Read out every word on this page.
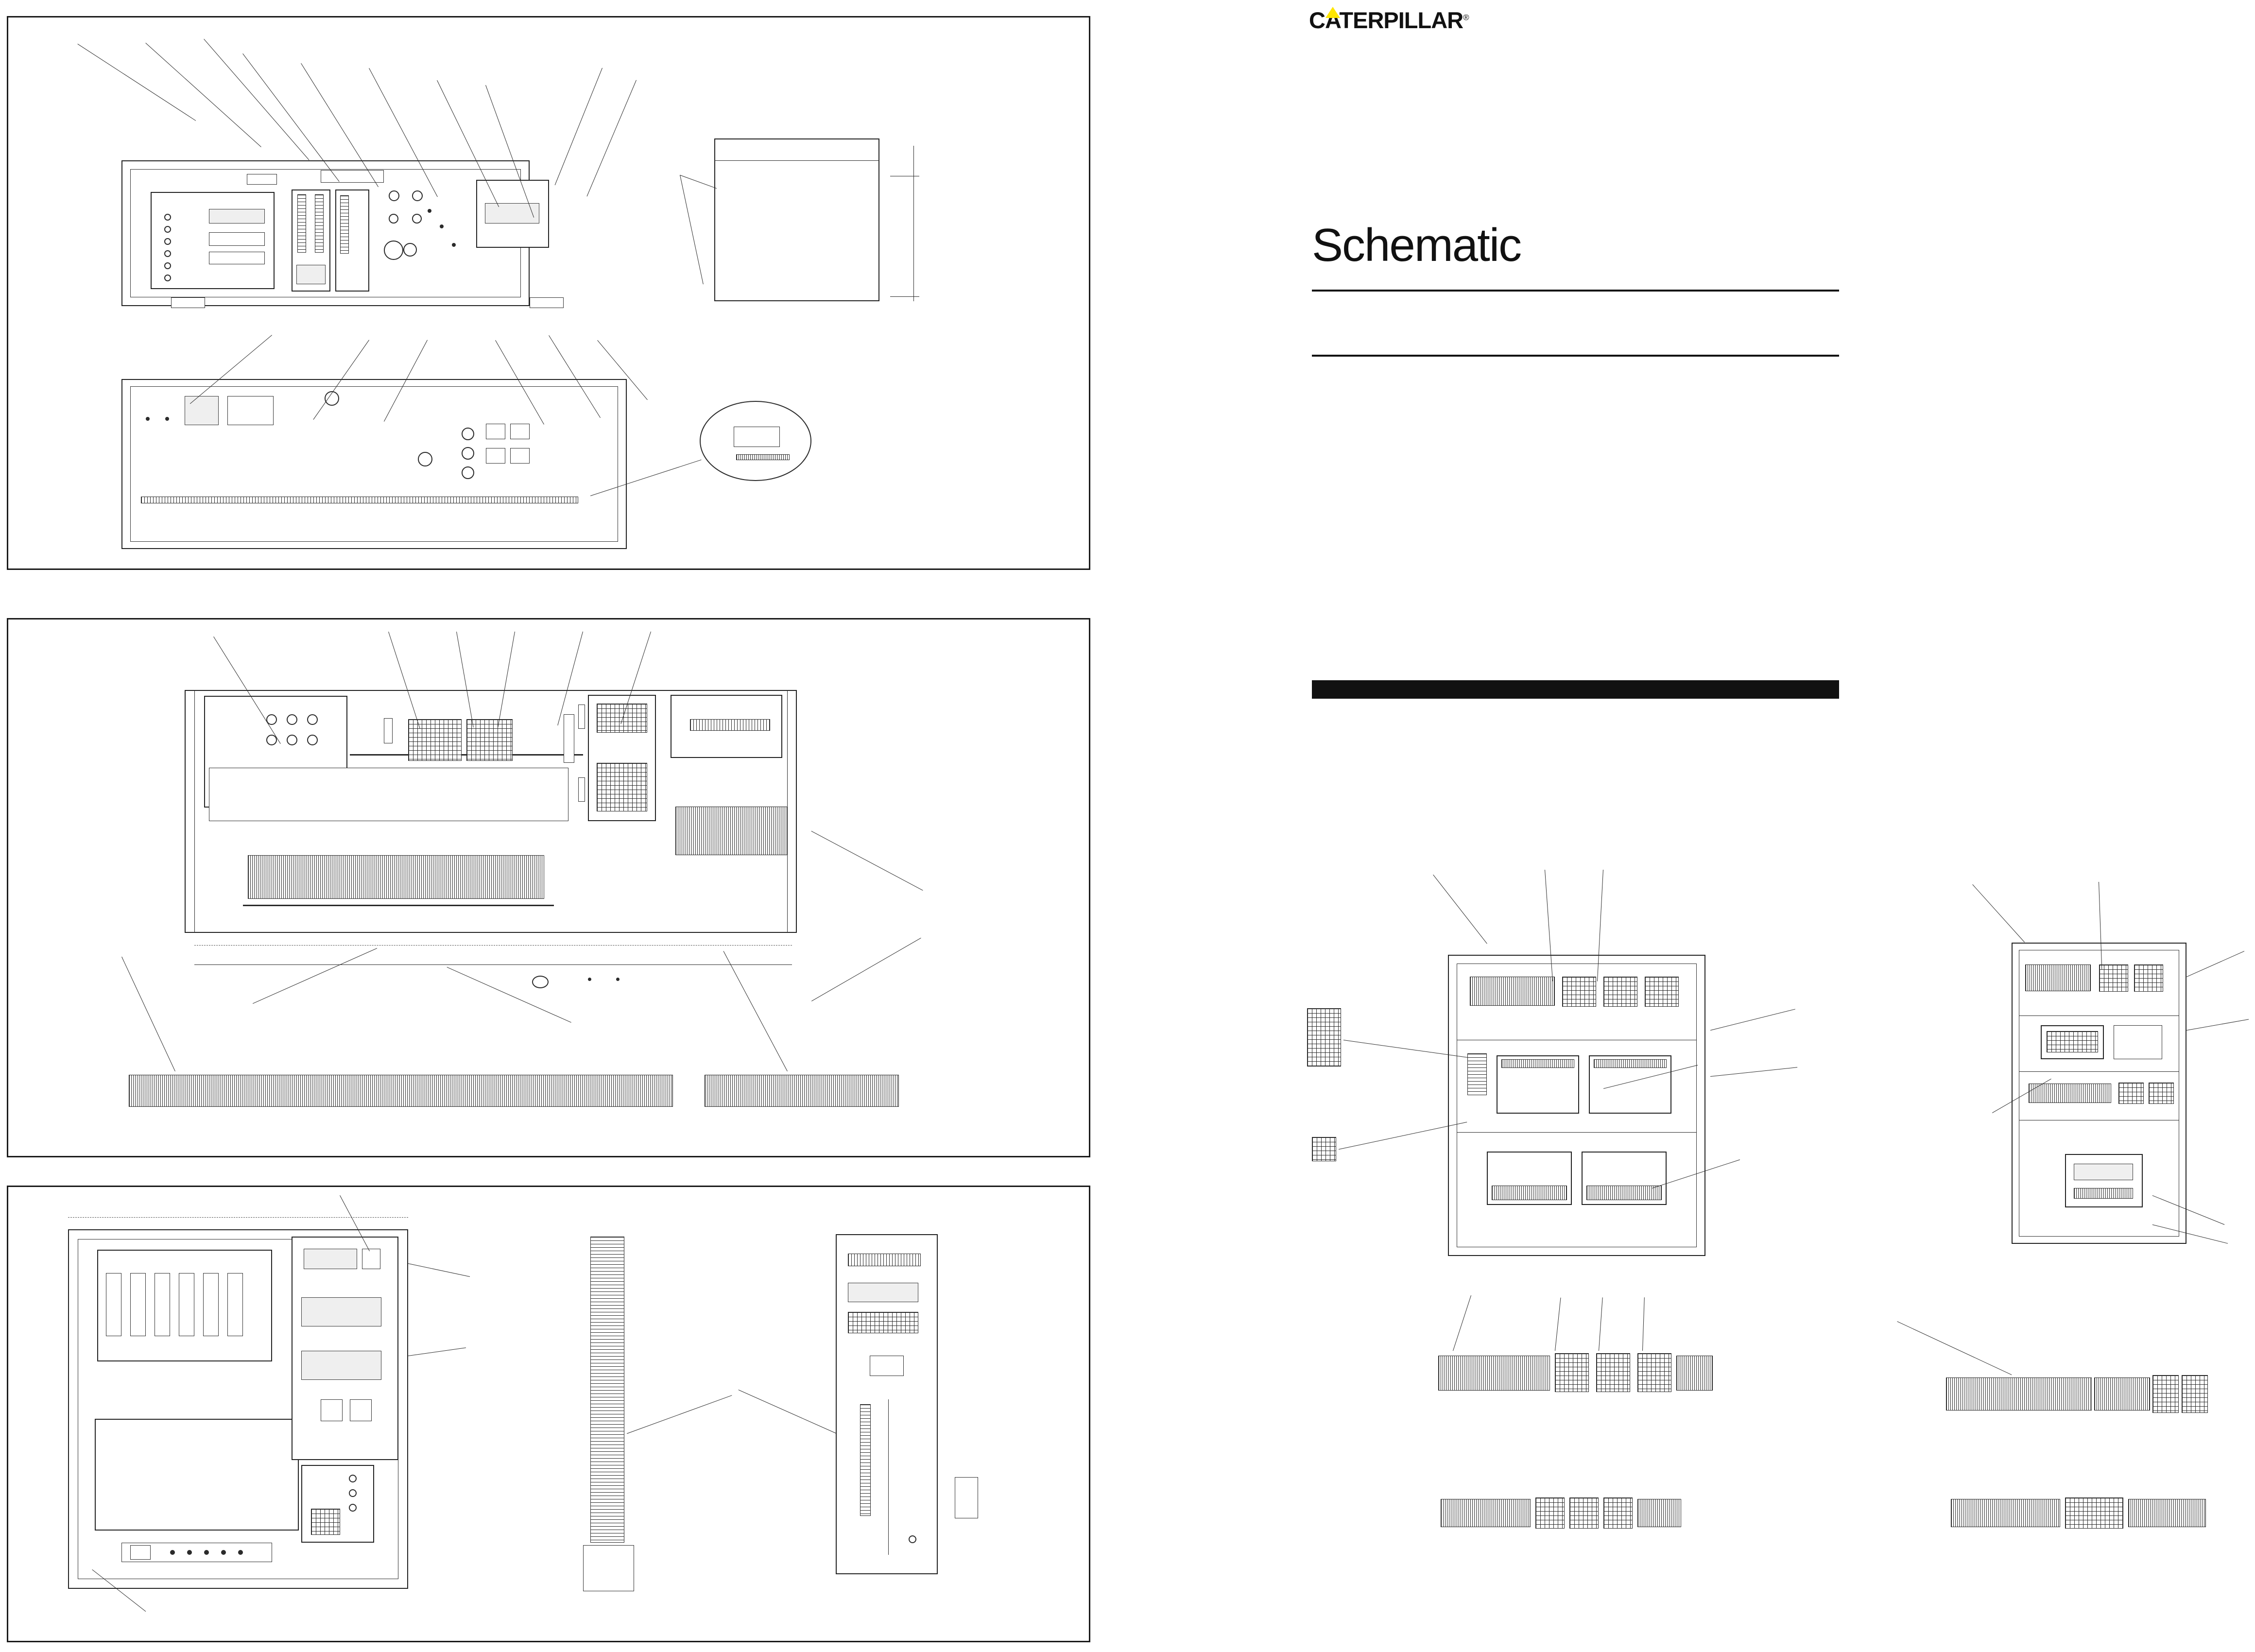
CATERPILLAR®
Schematic
